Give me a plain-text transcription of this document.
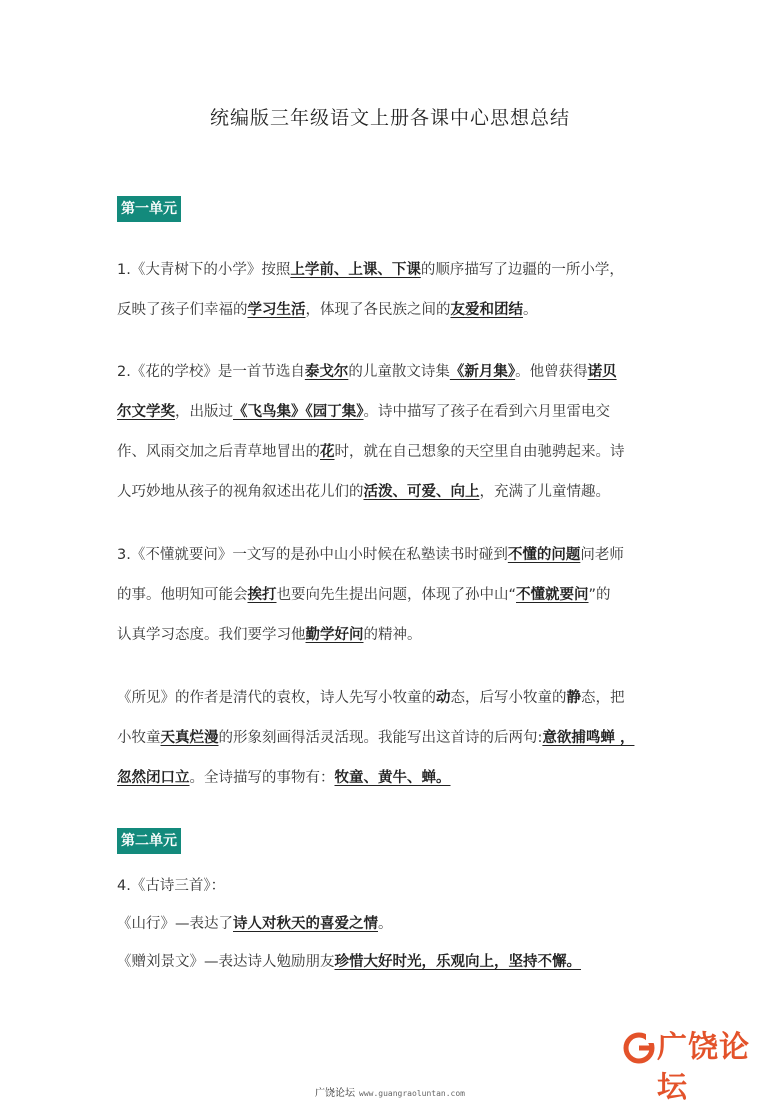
统编版三年级语文上册各课中心思想总结
第一单元
1.《大青树下的小学》按照上学前、上课、下课的顺序描写了边疆的一所小学，
反映了孩子们幸福的学习生活，体现了各民族之间的友爱和团结。
2.《花的学校》是一首节选自泰戈尔的儿童散文诗集《新月集》。他曾获得诺贝
尔文学奖，出版过《飞鸟集》《园丁集》。诗中描写了孩子在看到六月里雷电交
作、风雨交加之后青草地冒出的花时，就在自己想象的天空里自由驰骋起来。诗
人巧妙地从孩子的视角叙述出花儿们的活泼、可爱、向上，充满了儿童情趣。
3.《不懂就要问》一文写的是孙中山小时候在私塾读书时碰到不懂的问题问老师
的事。他明知可能会挨打也要向先生提出问题，体现了孙中山“不懂就要问”的
认真学习态度。我们要学习他勤学好问的精神。
《所见》的作者是清代的袁枚，诗人先写小牧童的动态，后写小牧童的静态，把
小牧童天真烂漫的形象刻画得活灵活现。我能写出这首诗的后两句:意欲捕鸣蝉 ，
忽然闭口立。全诗描写的事物有：牧童、黄牛、蝉。
第二单元
4.《古诗三首》：
《山行》—表达了诗人对秋天的喜爱之情。
《赠刘景文》—表达诗人勉励朋友珍惜大好时光，乐观向上，坚持不懈。
广饶论坛
广饶论坛 www.guangraoluntan.com
